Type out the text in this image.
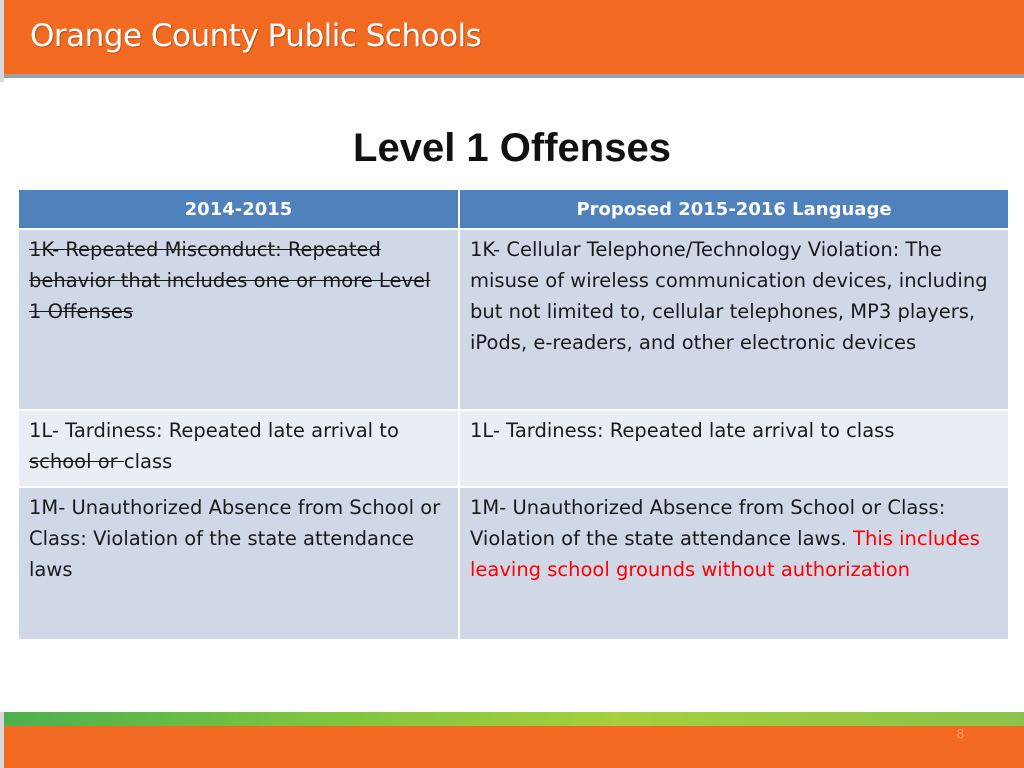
Orange County Public Schools
Level 1 Offenses
2014-2015	Proposed 2015-2016 Language
1K- Repeated Misconduct: Repeated behavior that includes one or more Level 1 Offenses	1K- Cellular Telephone/Technology Violation: The misuse of wireless communication devices, including but not limited to, cellular telephones, MP3 players, iPods, e-readers, and other electronic devices
1L- Tardiness: Repeated late arrival to school or class	1L- Tardiness: Repeated late arrival to class
1M- Unauthorized Absence from School or Class: Violation of the state attendance laws	1M- Unauthorized Absence from School or Class: Violation of the state attendance laws. This includes leaving school grounds without authorization
8
